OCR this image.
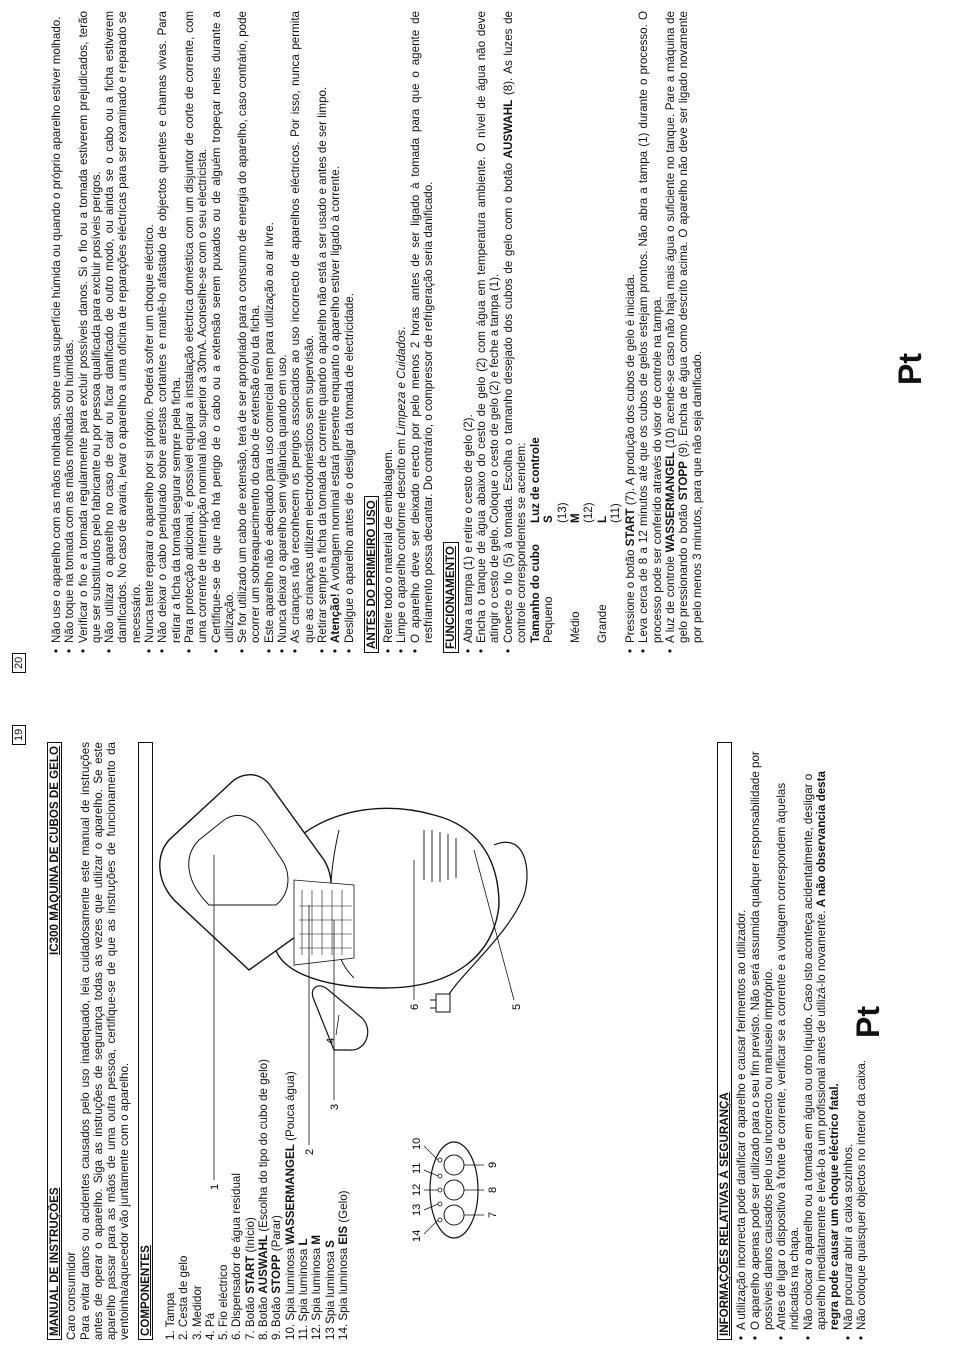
Pt
19
MANUAL DE INSTRUÇÕES
IC300 MÁQUINA DE CUBOS DE GELO

Caro consumidor
Para evitar danos ou acidentes causados pelo uso inadequado, leia cuidadosamente este manual de instruções antes de operar o aparelho. Siga as instruções de segurança todas as vezes que utilizar o aparelho. Se este aparelho passar para as mãos de uma outra pessoa, certifique-se de que as instruções de funcionamento da ventoinha/aquecedor vão juntamente com o aparelho.

COMPONENTES 1. Tampa 2. Cesta de gelo 3. Medidor 4. Pá 5. Fio eléctrico 6. Dispensador de água residual 7. Botão START (Início)

8. Botão AUSWAHL (Escolha do tipo do cubo de gelo)

9. Botão STOPP (Parar)

10. Spia luminosa WASSERMANGEL (Pouca água)

11. Spia luminosa L

12. Spia luminosa M

13 Spia luminosa S

14. Spia luminosa EIS (Gelo)

1
2
3
4
5
6
14
13
12
11
10
7
8
9	INFORMAÇÕES RELATIVAS À SEGURANÇA • A utilização incorrecta pode danificar o aparelho e causar ferimentos ao utilizador. • O aparelho apenas pode ser utilizado para o seu fim previsto. Não será assumida qualquer responsabilidade por possíveis danos causados pelo uso incorrecto ou manuseio impróprio. • Antes de ligar o dispositivo à fonte de corrente, verificar se a corrente e a voltagem correspondem àquelas indicadas na chapa. • Não colocar o aparelho ou a tomada em água ou otro líquido. Caso isto aconteça acidentalmente, desligar o aparelho imediatamente e levá-lo a um profissional antes de utilizá-lo novamente. A não observancia desta regra pode causar um choque eléctrico fatal. • Não procurar abrir a caixa sozinhos. • Não coloque quaisquer objectos no interior da caixa.
Pt
20
• Não use o aparelho com as mãos molhadas, sobre uma superfície húmida ou quando o próprio aparelho estiver molhado. • Não toque na tomada com as mãos molhadas ou húmidas. • Verificar o fio e a tomada regularmente para excluir possíveis danos. Si o fio ou a tomada estiverem prejudicados, terão que ser substituídos pelo fabricante ou por pessoa qualificada para excluir posíveis perigos. • Não utilizar o aparelho no caso de cair ou ficar danificado de outro modo, ou ainda se o cabo ou a ficha estiverem danificados. No caso de avaria, levar o aparelho a uma oficina de reparações eléctricas para ser examinado e reparado se necessário. • Nunca tente reparar o aparelho por si próprio. Poderá sofrer um choque eléctrico. • Não deixar o cabo pendurado sobre arestas cortantes e mantê-lo afastado de objectos quentes e chamas vivas. Para retirar a ficha da tomada segurar sempre pela ficha. • Para protecção adicional, é possível equipar a instalação eléctrica doméstica com um disjuntor de corte de corrente, com uma corrente de interrupção nominal não superior a 30mA. Aconselhe-se com o seu electricista. • Certifique-se de que não há perigo de o cabo ou a extensão serem puxados ou de alguém tropeçar neles durante a utilização. • Se for utilizado um cabo de extensão, terá de ser apropriado para o consumo de energia do aparelho, caso contrário, pode ocorrer um sobreaquecimento do cabo de extensão e/ou da ficha. • Este aparelho não é adequado para uso comercial nem para utilização ao ar livre. • Nunca deixar o aparelho sem vigilância quando em uso. • As crianças não reconhecem os perigos associados ao uso incorrecto de aparelhos eléctricos. Por isso, nunca permita que as crianças utilizem electrodomésticos sem supervisão. • Retirar sempre a ficha da tomada de corrente quando o aparelho não está a ser usado e antes de ser limpo. • Atenção! A voltagem nominal estará presente enquanto o aparelho estiver ligado à corrente. • Desligue o aparelho antes de o desligar da tomada de electricidade. ANTES DO PRIMEIRO USO • Retire todo o material de embalagem. • Limpe o aparelho conforme descrito em Limpeza e Cuidados. • O aparelho deve ser deixado erecto por pelo menos 2 horas antes de ser ligado à tomada para que o agente de resfriamento possa decantar. Do contrário, o compressor de refrigeração seria danificado. FUNCIONAMENTO • Abra a tampa (1) e retire o cesto de gelo (2). • Encha o tanque de água abaixo do cesto de gelo (2) com água em temperatura ambiente. O nível de água não deve atingir o cesto de gelo. Coloque o cesto de gelo (2) e feche a tampa (1). • Conecte o fio (5) à tomada. Escolha o tamanho desejado dos cubos de gelo com o botão AUSWAHL (8). As luzes de controle correspondentes se acendem: Tamanho do cubo
Luz de controle
Pequeno
S (13)
Médio
M (12)
Grande
L (11)
• Pressione o botão START (7). A produção dos cubos de gelo é iniciada. • Leva cerca de 8 a 12 minutos até que os cubos de gelos estejam prontos. Não abra a tampa (1) durante o processo. O processo pode ser conferido através do visor de controle na tampa. • A luz de controle WASSERMANGEL (10) acende-se caso não haja mais água o suficiente no tanque. Pare a máquina de gelo pressionando o botão STOPP (9). Encha de água como descrito acima. O aparelho não deve ser ligado novamente por pelo menos 3 minutos, para que não seja danificado.
